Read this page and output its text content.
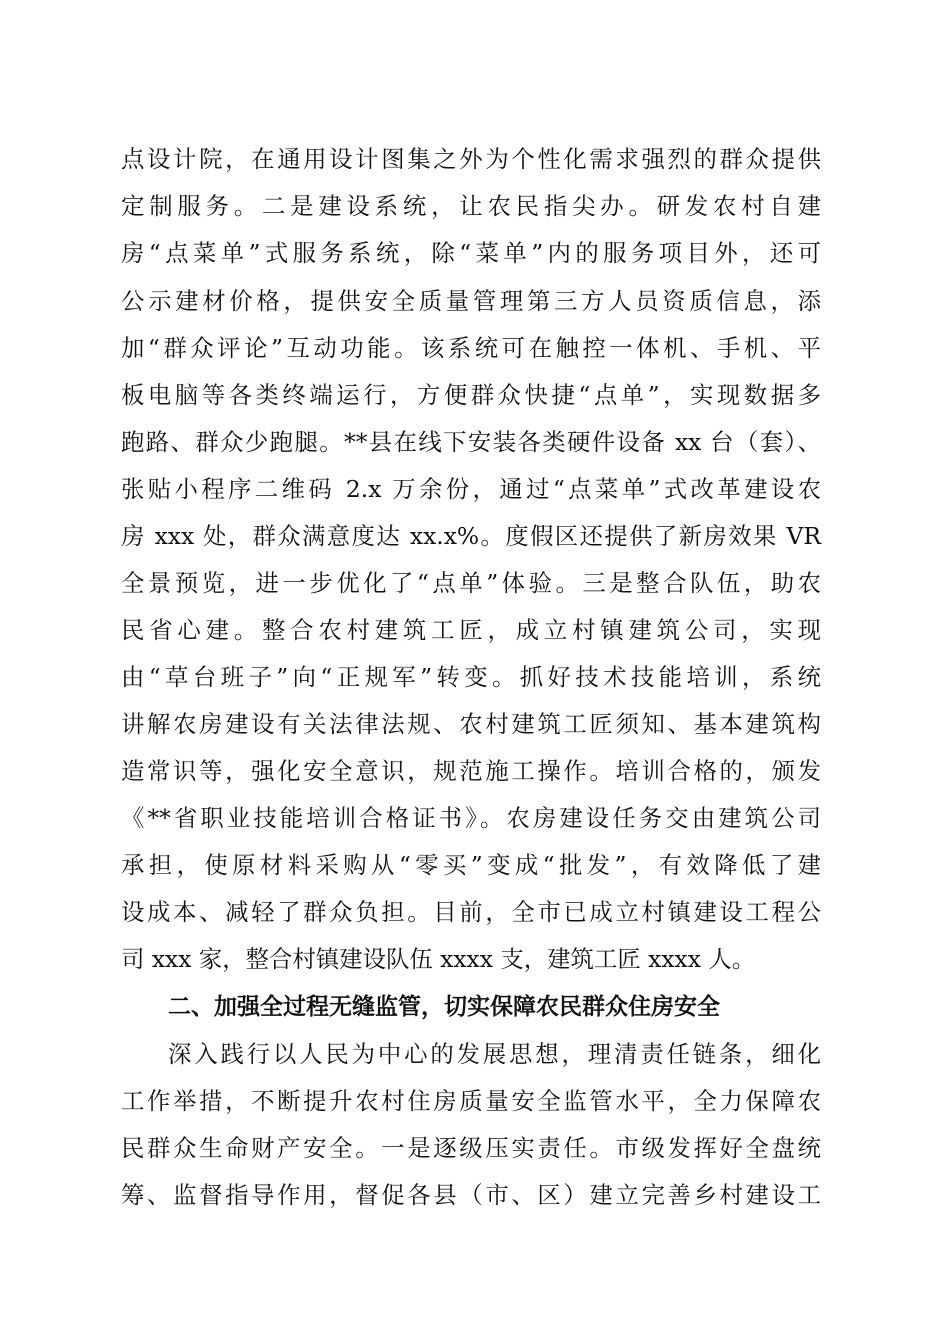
点设计院，在通用设计图集之外为个性化需求强烈的群众提供
定制服务。二是建设系统，让农民指尖办。研发农村自建
房“点菜单”式服务系统，除“菜单”内的服务项目外，还可
公示建材价格，提供安全质量管理第三方人员资质信息，添
加“群众评论”互动功能。该系统可在触控一体机、手机、平
板电脑等各类终端运行，方便群众快捷“点单”，实现数据多
跑路、群众少跑腿。**县在线下安装各类硬件设备 xx 台（套）、
张贴小程序二维码 2.x 万余份，通过“点菜单”式改革建设农
房 xxx 处，群众满意度达 xx.x%。度假区还提供了新房效果 VR
全景预览，进一步优化了“点单”体验。三是整合队伍，助农
民省心建。整合农村建筑工匠，成立村镇建筑公司，实现
由“草台班子”向“正规军”转变。抓好技术技能培训，系统
讲解农房建设有关法律法规、农村建筑工匠须知、基本建筑构
造常识等，强化安全意识，规范施工操作。培训合格的，颁发
《**省职业技能培训合格证书》。农房建设任务交由建筑公司
承担，使原材料采购从“零买”变成“批发”，有效降低了建
设成本、减轻了群众负担。目前，全市已成立村镇建设工程公
司 xxx 家，整合村镇建设队伍 xxxx 支，建筑工匠 xxxx 人。
二、加强全过程无缝监管，切实保障农民群众住房安全
深入践行以人民为中心的发展思想，理清责任链条，细化
工作举措，不断提升农村住房质量安全监管水平，全力保障农
民群众生命财产安全。一是逐级压实责任。市级发挥好全盘统
筹、监督指导作用，督促各县（市、区）建立完善乡村建设工
